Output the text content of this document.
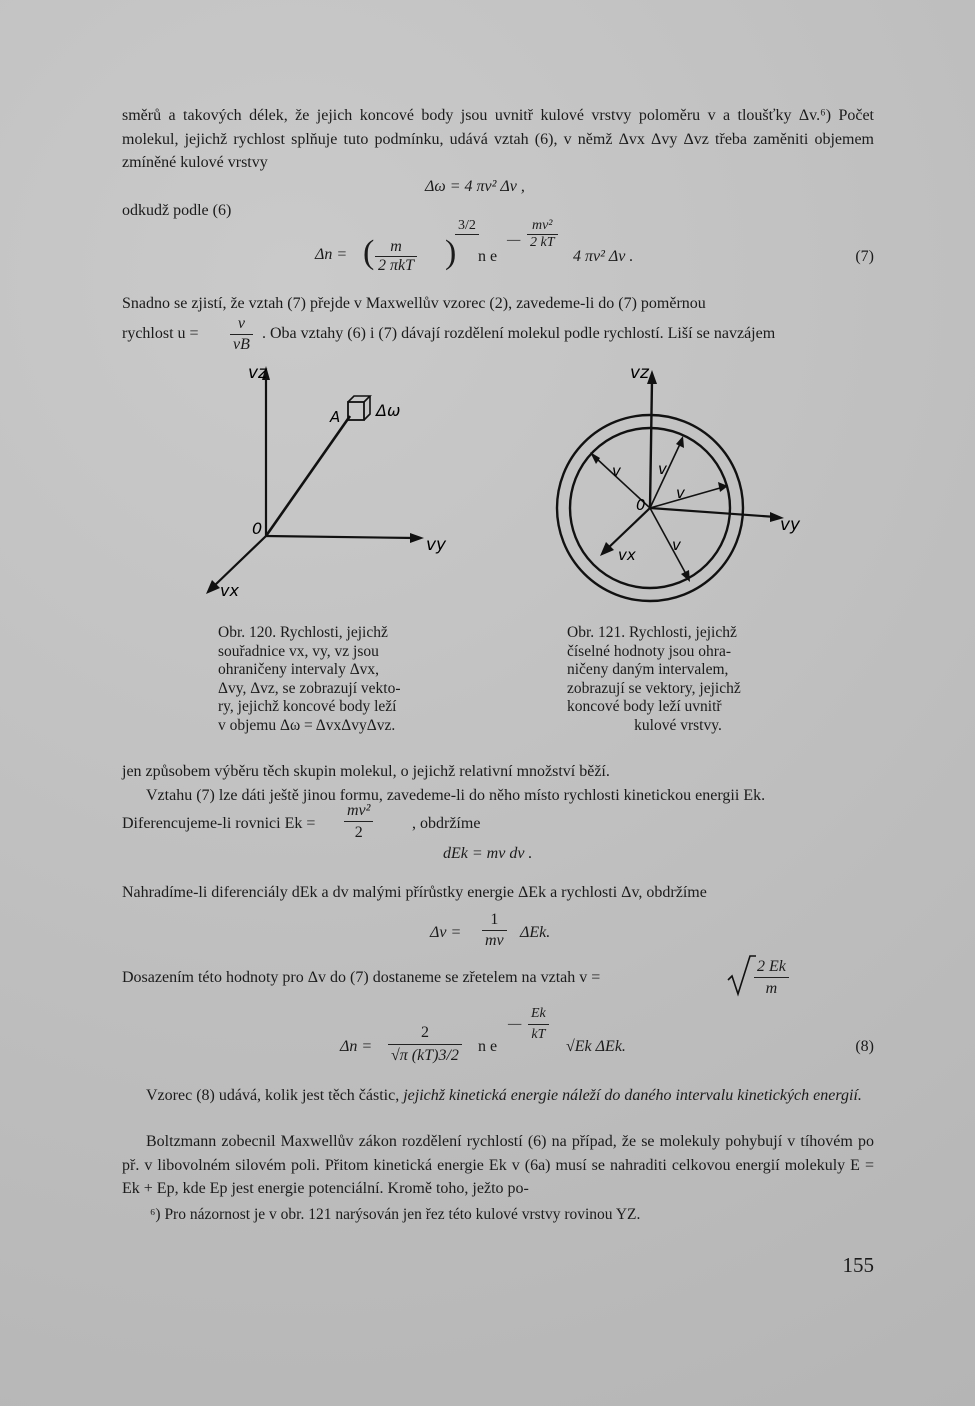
směrů a takových délek, že jejich koncové body jsou uvnitř kulové vrstvy poloměru v a tloušťky Δv.⁶) Počet molekul, jejichž rychlost splňuje tuto podmínku, udává vztah (6), v němž Δvx Δvy Δvz třeba zaměniti objemem zmíněné kulové vrstvy
Δω = 4 πv² Δv ,
odkudž podle (6)
Δn = ( m
2 πkT )
3/2
n e
— $\frac{\text{mv²}}{2 kT}$
4 πv² Δv .	(7)
Snadno se zjistí, že vztah (7) přejde v Maxwellův vzorec (2), zavedeme-li do (7) poměrnou
rychlost $u = \frac{v}{vB}$ . Oba vztahy (6) i (7) dávají rozdělení molekul podle rychlostí. Liší se navzájem
vz
vy
vx
0
A Δω
vz
vy
vx
0
v v
v
v
Obr. 120. Rychlosti, jejichž
souřadnice vx, vy, vz jsou
ohraničeny intervaly Δvx,
Δvy, Δvz, se zobrazují vekto-
ry, jejichž koncové body leží
v objemu Δω = ΔvxΔvyΔvz.
Obr. 121. Rychlosti, jejichž
číselné hodnoty jsou ohra-
ničeny daným intervalem,
zobrazují se vektory, jejichž
koncové body leží uvnitř
kulové vrstvy.
jen způsobem výběru těch skupin molekul, o jejichž relativní množství běží.
Vztahu (7) lze dáti ještě jinou formu, zavedeme-li do něho místo rychlosti kinetickou energii Ek.
Diferencujeme-li rovnici $Ek = \frac{\text{mv²}}{2}$ , obdržíme
dEk = mv dv .
Nahradíme-li diferenciály dEk a dv malými přírůstky energie ΔEk a rychlosti Δv, obdržíme
$\Delta v = \frac{1}{mv} \Delta Ek$.
Dosazením této hodnoty pro Δv do (7) dostaneme se zřetelem na vztah v =	$\frac{2 Ek}{m}$
$\Delta n = \frac{2}{√\pi (kT)3/2}$ n e
— $\frac{Ek}{kT}$
√Ek ΔEk.	(8)
Vzorec (8) udává, kolik jest těch částic, jejichž kinetická energie náleží do daného intervalu kinetických energií.
Boltzmann zobecnil Maxwellův zákon rozdělení rychlostí (6) na případ, že se molekuly pohybují v tíhovém po př. v libovolném silovém poli. Přitom kinetická energie Ek v (6a) musí se nahraditi celkovou energií molekuly E = Ek + Ep, kde Ep jest energie potenciální. Kromě toho, ježto po-
⁶) Pro názornost je v obr. 121 narýsován jen řez této kulové vrstvy rovinou YZ.
155
